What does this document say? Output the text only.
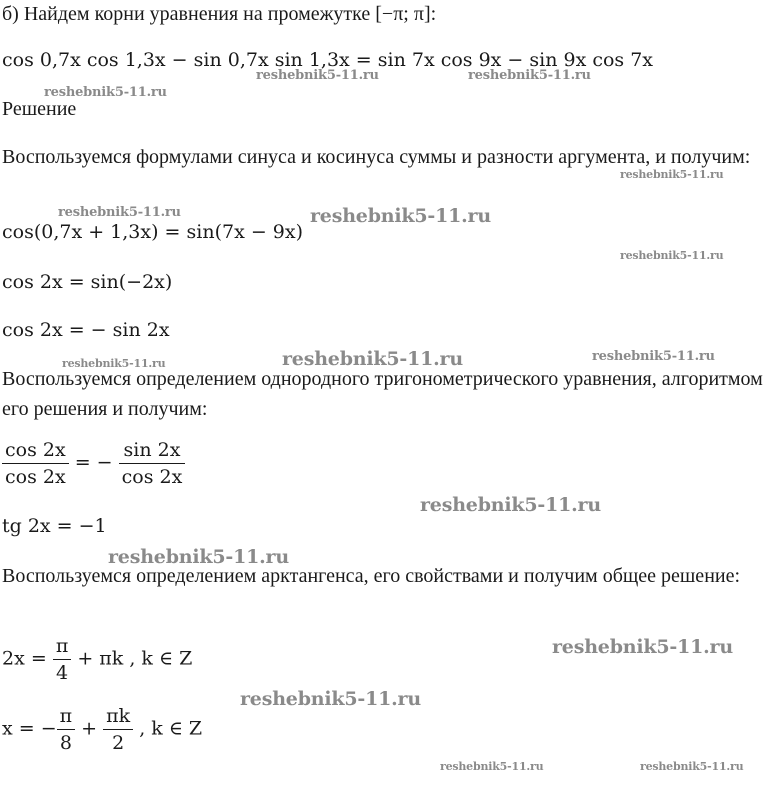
б) Найдем корни уравнения на промежутке [−π; π]:
cos 0,7x cos 1,3x − sin 0,7x sin 1,3x = sin 7x cos 9x − sin 9x cos 7x
reshebnik5-11.ru	reshebnik5-11.ru
reshebnik5-11.ru
Решение
Воспользуемся формулами синуса и косинуса суммы и разности аргумента, и получим:
reshebnik5-11.ru
reshebnik5-11.ru
cos(0,7x + 1,3x) = sin(7x − 9x)
reshebnik5-11.ru
reshebnik5-11.ru
cos 2x = sin(−2x)
cos 2x = − sin 2x
reshebnik5-11.ru	reshebnik5-11.ru	reshebnik5-11.ru
Воспользуемся определением однородного тригонометрического уравнения, алгоритмом его решения и получим:
$\frac{\cos 2x}{\cos 2x}$ = − $\frac{\sin 2x}{\cos 2x}$
reshebnik5-11.ru
tg 2x = −1
reshebnik5-11.ru
Воспользуемся определением арктангенса, его свойствами и получим общее решение:
$2x = \frac{\pi}{4} + \pi k$ , k ∈ Z
reshebnik5-11.ru
reshebnik5-11.ru
x = − $\frac{\pi}{8} + \frac{\pi k}{2}$ , k ∈ Z
reshebnik5-11.ru
reshebnik5-11.ru
